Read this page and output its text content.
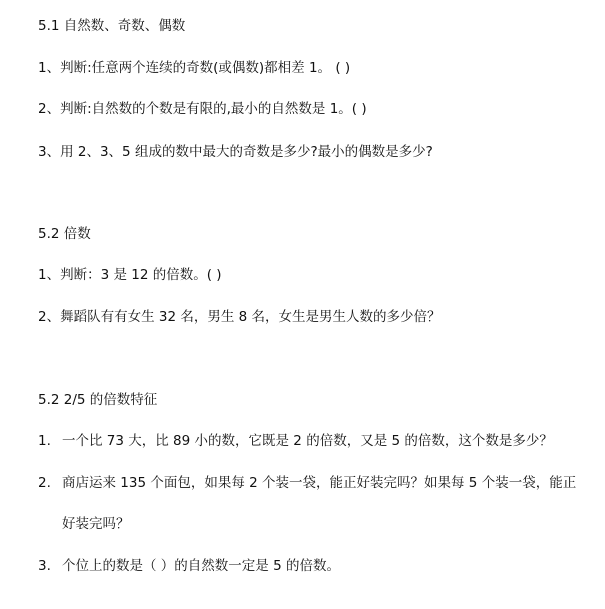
5.1 自然数、奇数、偶数
1、判断:任意两个连续的奇数(或偶数)都相差 1。 ( )
2、判断:自然数的个数是有限的,最小的自然数是 1。( )
3、用 2、3、5 组成的数中最大的奇数是多少?最小的偶数是多少?
5.2 倍数
1、判断：3 是 12 的倍数。( )
2、舞蹈队有有女生 32 名，男生 8 名，女生是男生人数的多少倍？
5.2 2/5 的倍数特征
1. 一个比 73 大，比 89 小的数，它既是 2 的倍数，又是 5 的倍数，这个数是多少？
2. 商店运来 135 个面包，如果每 2 个装一袋，能正好装完吗？如果每 5 个装一袋，能正
好装完吗？
3. 个位上的数是（ ）的自然数一定是 5 的倍数。
